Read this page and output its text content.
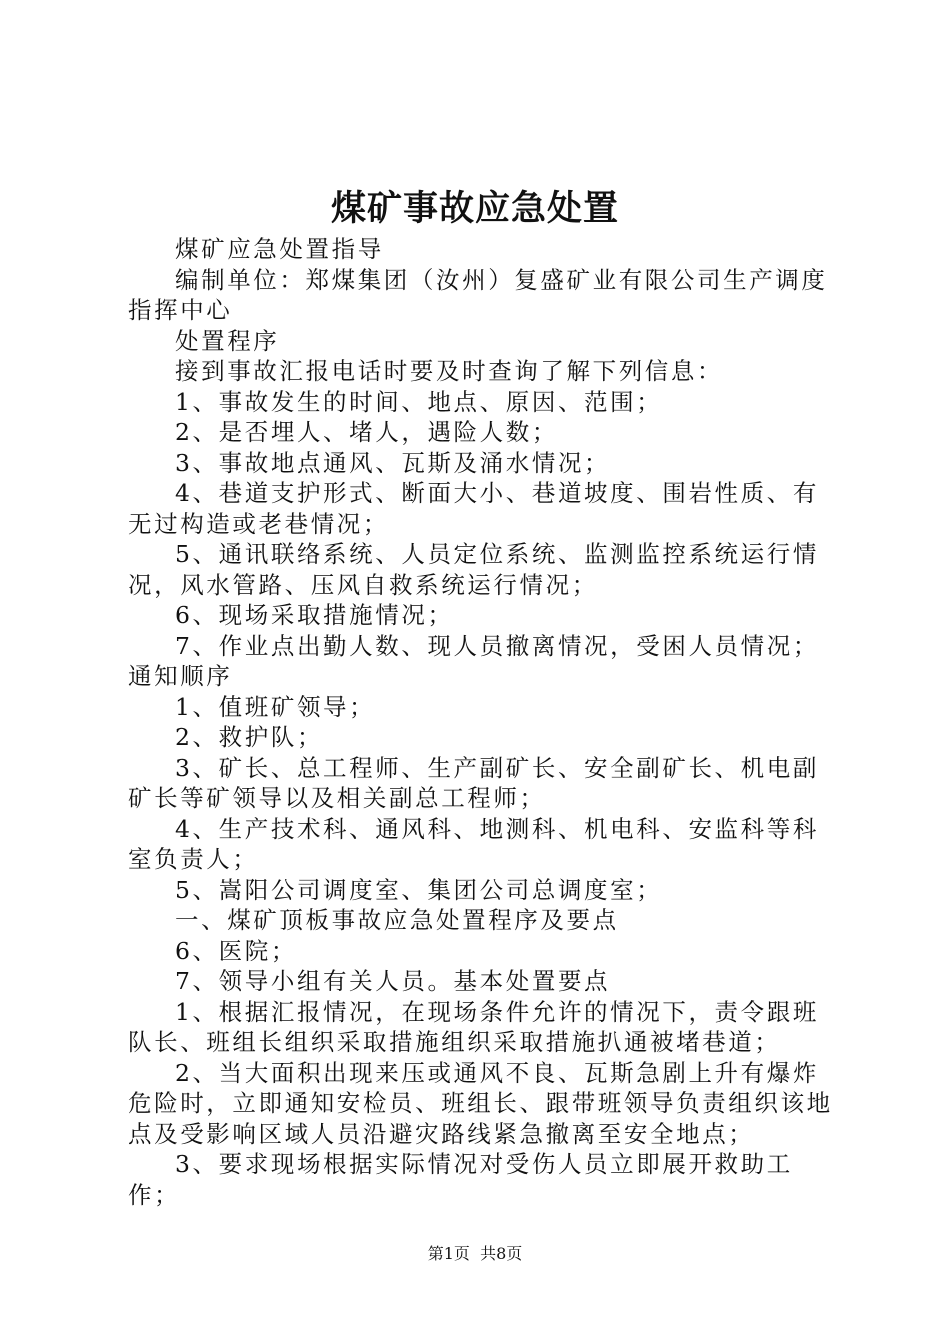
煤矿事故应急处置

煤矿应急处置指导

编制单位：郑煤集团（汝州）复盛矿业有限公司生产调度指挥中心

处置程序

接到事故汇报电话时要及时查询了解下列信息：

1、事故发生的时间、地点、原因、范围；

2、是否埋人、堵人，遇险人数；

3、事故地点通风、瓦斯及涌水情况；

4、巷道支护形式、断面大小、巷道坡度、围岩性质、有无过构造或老巷情况；

5、通讯联络系统、人员定位系统、监测监控系统运行情况，风水管路、压风自救系统运行情况；

6、现场采取措施情况；

7、作业点出勤人数、现人员撤离情况，受困人员情况；通知顺序

1、值班矿领导；

2、救护队；

3、矿长、总工程师、生产副矿长、安全副矿长、机电副矿长等矿领导以及相关副总工程师；

4、生产技术科、通风科、地测科、机电科、安监科等科室负责人；

5、嵩阳公司调度室、集团公司总调度室；

一、煤矿顶板事故应急处置程序及要点

6、医院；

7、领导小组有关人员。基本处置要点

1、根据汇报情况，在现场条件允许的情况下，责令跟班队长、班组长组织采取措施组织采取措施扒通被堵巷道；

2、当大面积出现来压或通风不良、瓦斯急剧上升有爆炸危险时，立即通知安检员、班组长、跟带班领导负责组织该地点及受影响区域人员沿避灾路线紧急撤离至安全地点；

3、要求现场根据实际情况对受伤人员立即展开救助工作；

第1页 共8页
